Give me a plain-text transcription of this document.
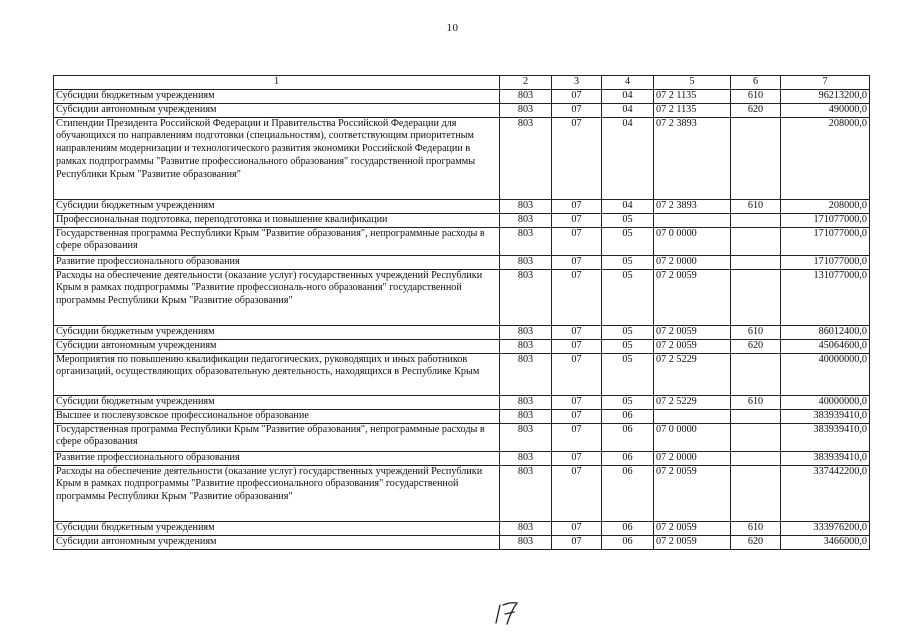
10
1	2	3	4	5	6	7
Субсидии бюджетным учреждениям	803	07	04	07 2 1135	610	96213200,0
Субсидии автономным учреждениям	803	07	04	07 2 1135	620	490000,0
Стипендии Президента Российской Федерации и Правительства Российской Федерации для обучающихся по направлениям подготовки (специальностям), соответствующим приоритетным направлениям модернизации и технологического развития экономики Российской Федерации в рамках подпрограммы "Развитие профессионального образования" государственной программы Республики Крым "Развитие образования"	803	07	04	07 2 3893		208000,0
Субсидии бюджетным учреждениям	803	07	04	07 2 3893	610	208000,0
Профессиональная подготовка, переподготовка и повышение квалификации	803	07	05			171077000,0
Государственная программа Республики Крым "Развитие образования", непрограммные расходы в сфере образования	803	07	05	07 0 0000		171077000,0
Развитие профессионального образования	803	07	05	07 2 0000		171077000,0
Расходы на обеспечение деятельности (оказание услуг) государственных учреждений Республики Крым в рамках подпрограммы "Развитие профессиональ-ного образования" государственной программы Республики Крым "Развитие образования"	803	07	05	07 2 0059		131077000,0
Субсидии бюджетным учреждениям	803	07	05	07 2 0059	610	86012400,0
Субсидии автономным учреждениям	803	07	05	07 2 0059	620	45064600,0
Мероприятия по повышению квалификации педагогических, руководящих и иных работников организаций, осуществляющих образовательную деятельность, находящихся в Республике Крым	803	07	05	07 2 5229		40000000,0
Субсидии бюджетным учреждениям	803	07	05	07 2 5229	610	40000000,0
Высшее и послевузовское профессиональное образование	803	07	06			383939410,0
Государственная программа Республики Крым "Развитие образования", непрограммные расходы в сфере образования	803	07	06	07 0 0000		383939410,0
Развитие профессионального образования	803	07	06	07 2 0000		383939410,0
Расходы на обеспечение деятельности (оказание услуг) государственных учреждений Республики Крым в рамках подпрограммы "Развитие профессионального образования" государственной программы Республики Крым "Развитие образования"	803	07	06	07 2 0059		337442200,0
Субсидии бюджетным учреждениям	803	07	06	07 2 0059	610	333976200,0
Субсидии автономным учреждениям	803	07	06	07 2 0059	620	3466000,0
